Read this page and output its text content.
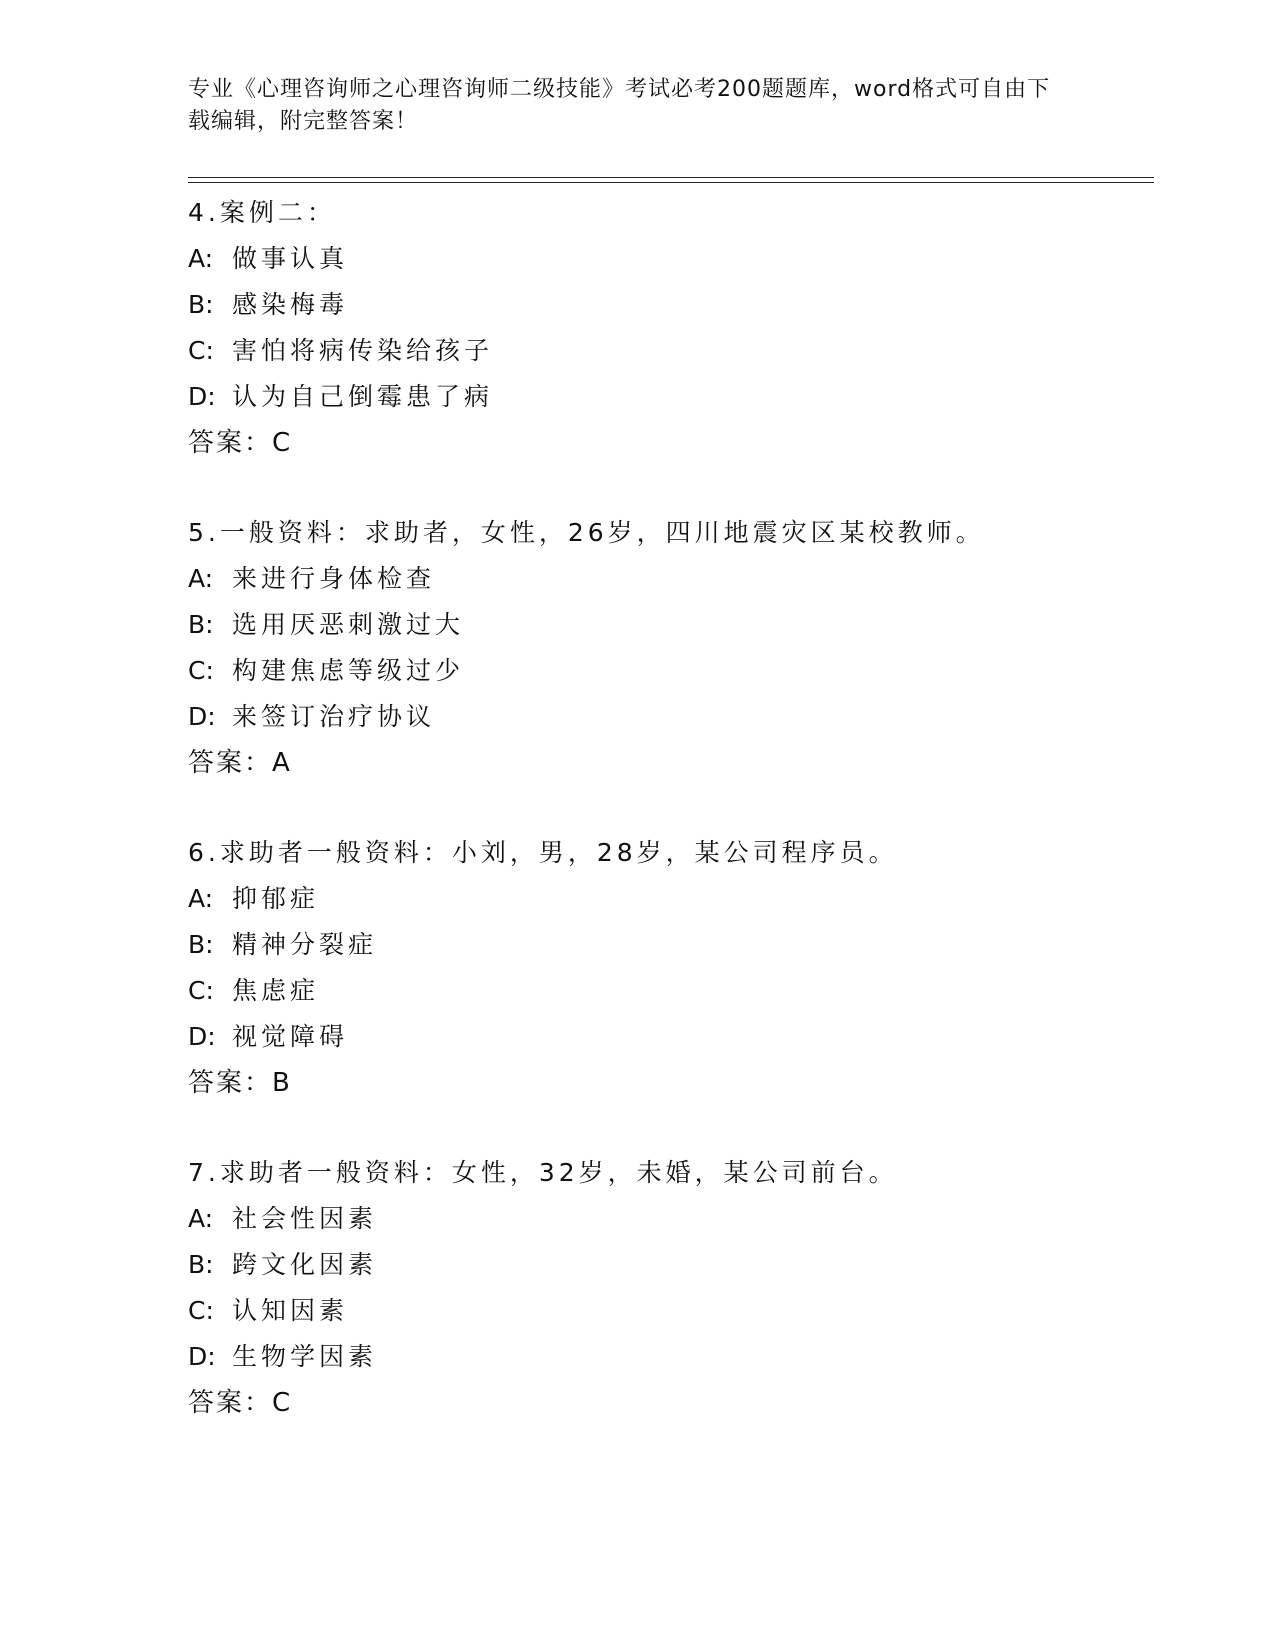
专业《心理咨询师之心理咨询师二级技能》考试必考200题题库，word格式可自由下载编辑，附完整答案！
4.案例二：
A: 做事认真
B: 感染梅毒
C: 害怕将病传染给孩子
D: 认为自己倒霉患了病
答案：C
5.一般资料：求助者，女性，26岁，四川地震灾区某校教师。
A: 来进行身体检查
B: 选用厌恶刺激过大
C: 构建焦虑等级过少
D: 来签订治疗协议
答案：A
6.求助者一般资料：小刘，男，28岁，某公司程序员。
A: 抑郁症
B: 精神分裂症
C: 焦虑症
D: 视觉障碍
答案：B
7.求助者一般资料：女性，32岁，未婚，某公司前台。
A: 社会性因素
B: 跨文化因素
C: 认知因素
D: 生物学因素
答案：C
